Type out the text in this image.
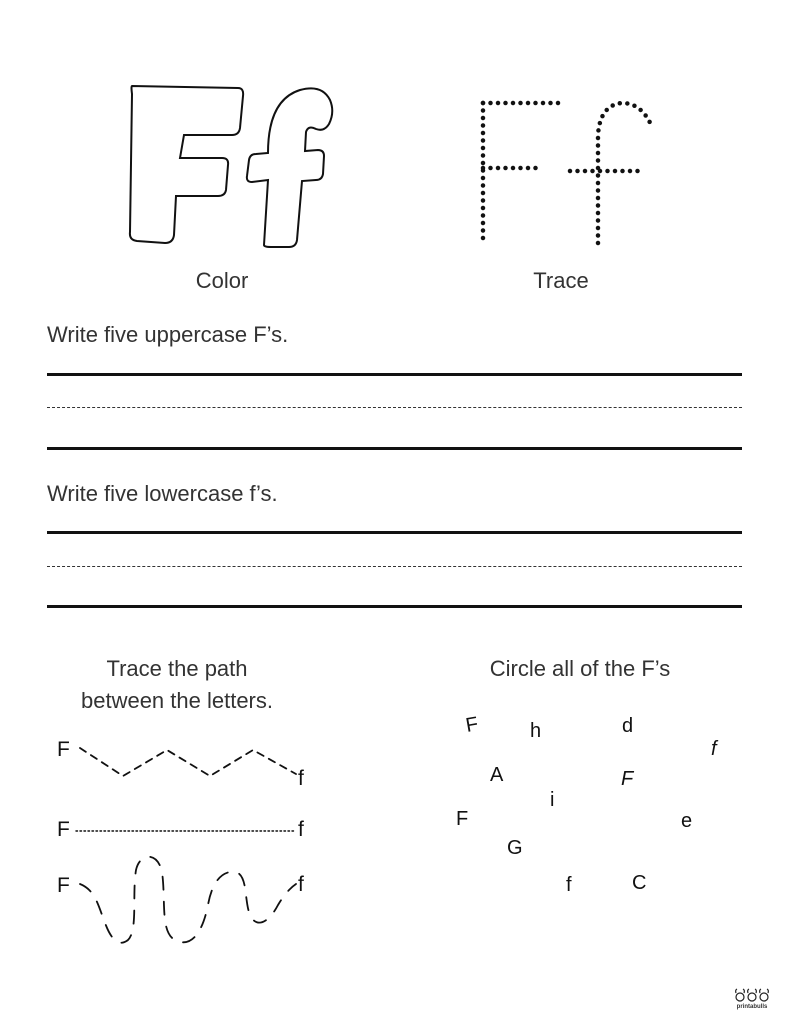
Color	Trace
Write five uppercase F’s.
Write five lowercase f’s.
Trace the path
between the letters.
F
f
F	f
F	f
Circle all of the F’s
F	h	d
f
A	F
i
F	e
G
f	C
printabulls
